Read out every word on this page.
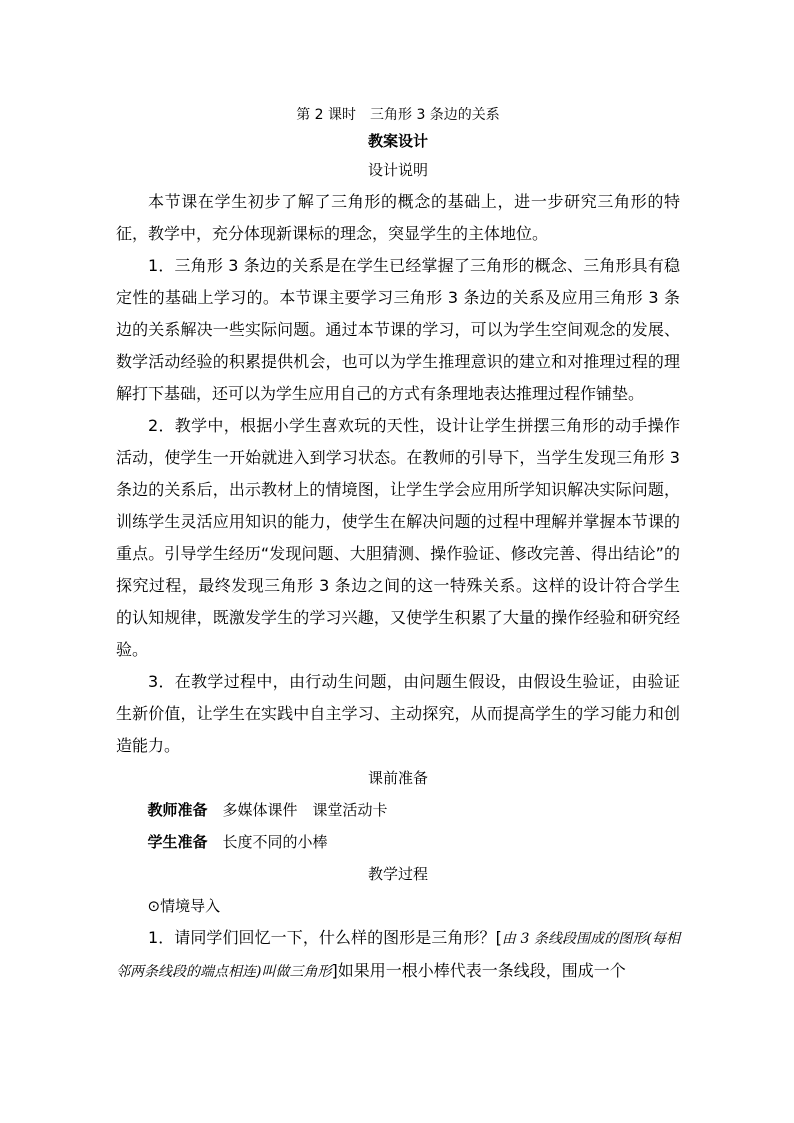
第 2 课时　三角形 3 条边的关系
教案设计
设计说明

本节课在学生初步了解了三角形的概念的基础上，进一步研究三角形的特征，教学中，充分体现新课标的理念，突显学生的主体地位。

1．三角形 3 条边的关系是在学生已经掌握了三角形的概念、三角形具有稳定性的基础上学习的。本节课主要学习三角形 3 条边的关系及应用三角形 3 条边的关系解决一些实际问题。通过本节课的学习，可以为学生空间观念的发展、数学活动经验的积累提供机会，也可以为学生推理意识的建立和对推理过程的理解打下基础，还可以为学生应用自己的方式有条理地表达推理过程作铺垫。

2．教学中，根据小学生喜欢玩的天性，设计让学生拼摆三角形的动手操作活动，使学生一开始就进入到学习状态。在教师的引导下，当学生发现三角形 3 条边的关系后，出示教材上的情境图，让学生学会应用所学知识解决实际问题，训练学生灵活应用知识的能力，使学生在解决问题的过程中理解并掌握本节课的重点。引导学生经历“发现问题、大胆猜测、操作验证、修改完善、得出结论”的探究过程，最终发现三角形 3 条边之间的这一特殊关系。这样的设计符合学生的认知规律，既激发学生的学习兴趣，又使学生积累了大量的操作经验和研究经验。

3．在教学过程中，由行动生问题，由问题生假设，由假设生验证，由验证生新价值，让学生在实践中自主学习、主动探究，从而提高学生的学习能力和创造能力。

课前准备
教师准备 多媒体课件 课堂活动卡
学生准备 长度不同的小棒
教学过程
⊙情境导入

1．请同学们回忆一下，什么样的图形是三角形？[由 3 条线段围成的图形(每相邻两条线段的端点相连)叫做三角形]如果用一根小棒代表一条线段，围成一个
